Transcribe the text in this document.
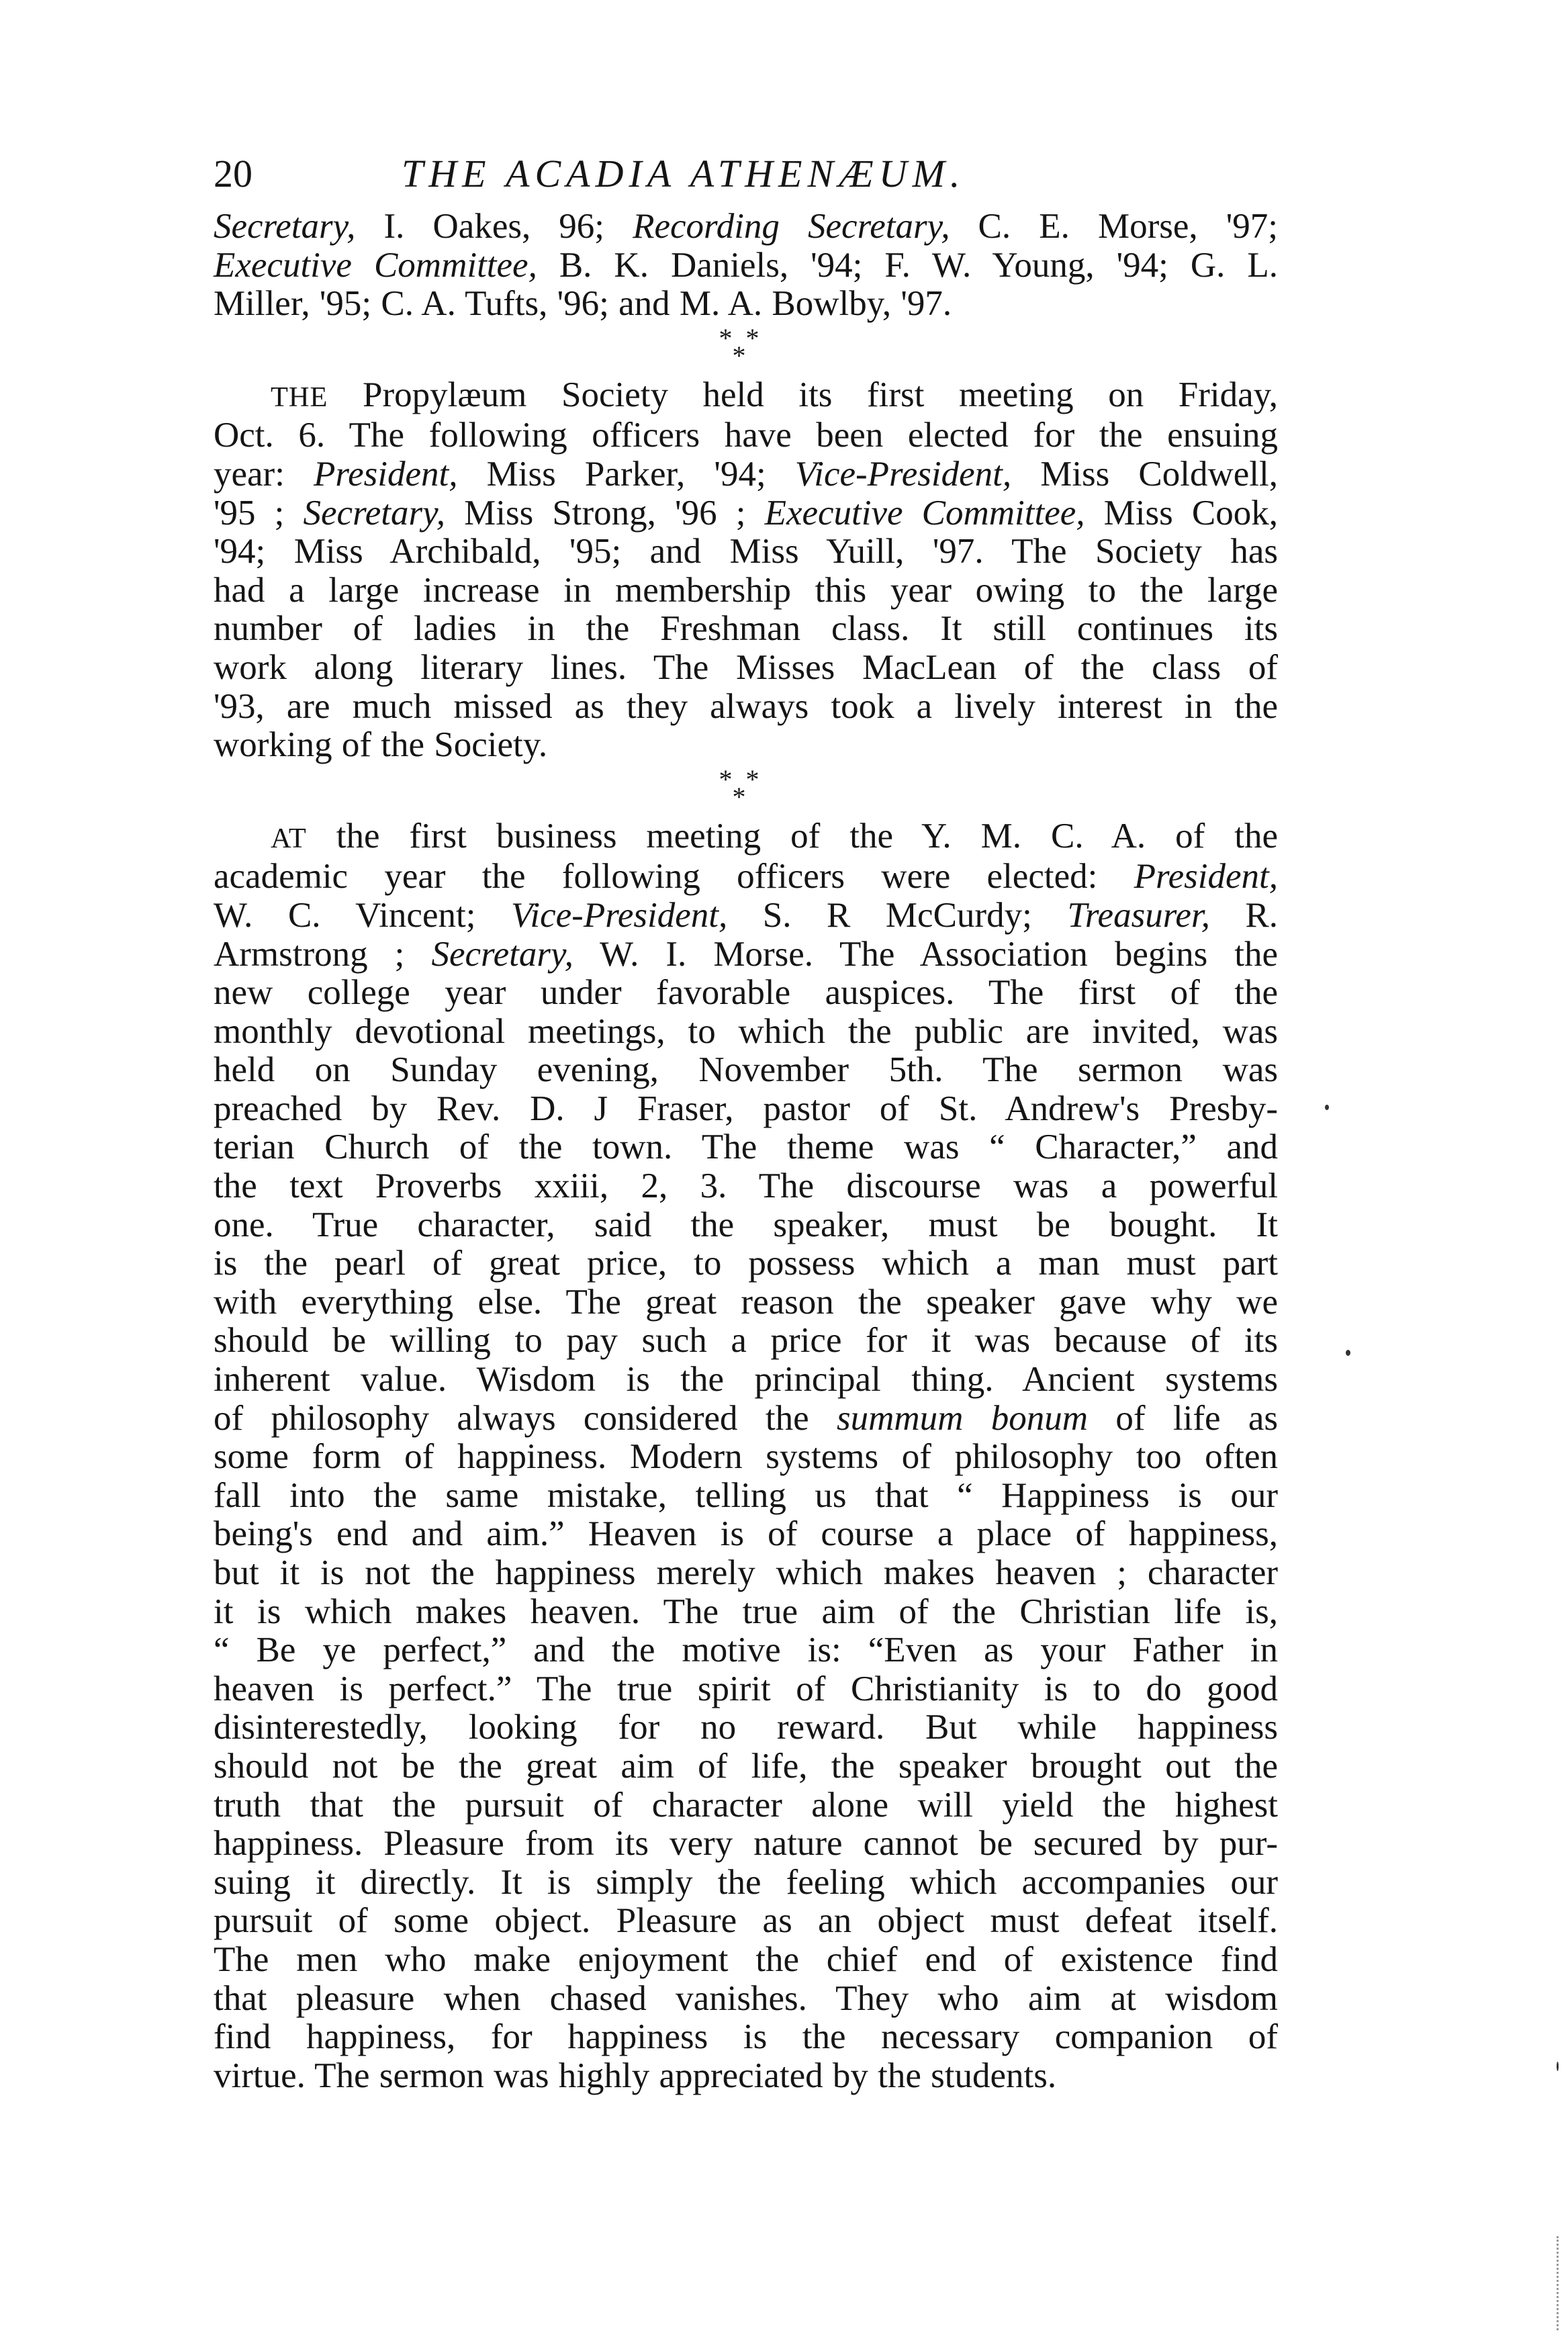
20	THE ACADIA ATHENÆUM.
Secretary, I. Oakes, 96; Recording Secretary, C. E. Morse, '97;
Executive Committee, B. K. Daniels, '94; F. W. Young, '94; G. L.
Miller, '95; C. A. Tufts, '96; and M. A. Bowlby, '97.
* *
*
THE Propylæum Society held its first meeting on Friday,
Oct. 6. The following officers have been elected for the ensuing
year: President, Miss Parker, '94; Vice-President, Miss Coldwell,
'95 ; Secretary, Miss Strong, '96 ; Executive Committee, Miss Cook,
'94; Miss Archibald, '95; and Miss Yuill, '97. The Society has
had a large increase in membership this year owing to the large
number of ladies in the Freshman class. It still continues its
work along literary lines. The Misses MacLean of the class of
'93, are much missed as they always took a lively interest in the
working of the Society.
* *
*
AT the first business meeting of the Y. M. C. A. of the
academic year the following officers were elected: President,
W. C. Vincent; Vice-President, S. R McCurdy; Treasurer, R.
Armstrong ; Secretary, W. I. Morse. The Association begins the
new college year under favorable auspices. The first of the
monthly devotional meetings, to which the public are invited, was
held on Sunday evening, November 5th. The sermon was
preached by Rev. D. J Fraser, pastor of St. Andrew's Presby-
terian Church of the town. The theme was “ Character,” and
the text Proverbs xxiii, 2, 3. The discourse was a powerful
one. True character, said the speaker, must be bought. It
is the pearl of great price, to possess which a man must part
with everything else. The great reason the speaker gave why we
should be willing to pay such a price for it was because of its
inherent value. Wisdom is the principal thing. Ancient systems
of philosophy always considered the summum bonum of life as
some form of happiness. Modern systems of philosophy too often
fall into the same mistake, telling us that “ Happiness is our
being's end and aim.” Heaven is of course a place of happiness,
but it is not the happiness merely which makes heaven ; character
it is which makes heaven. The true aim of the Christian life is,
“ Be ye perfect,” and the motive is: “Even as your Father in
heaven is perfect.” The true spirit of Christianity is to do good
disinterestedly, looking for no reward. But while happiness
should not be the great aim of life, the speaker brought out the
truth that the pursuit of character alone will yield the highest
happiness. Pleasure from its very nature cannot be secured by pur-
suing it directly. It is simply the feeling which accompanies our
pursuit of some object. Pleasure as an object must defeat itself.
The men who make enjoyment the chief end of existence find
that pleasure when chased vanishes. They who aim at wisdom
find happiness, for happiness is the necessary companion of
virtue. The sermon was highly appreciated by the students.
